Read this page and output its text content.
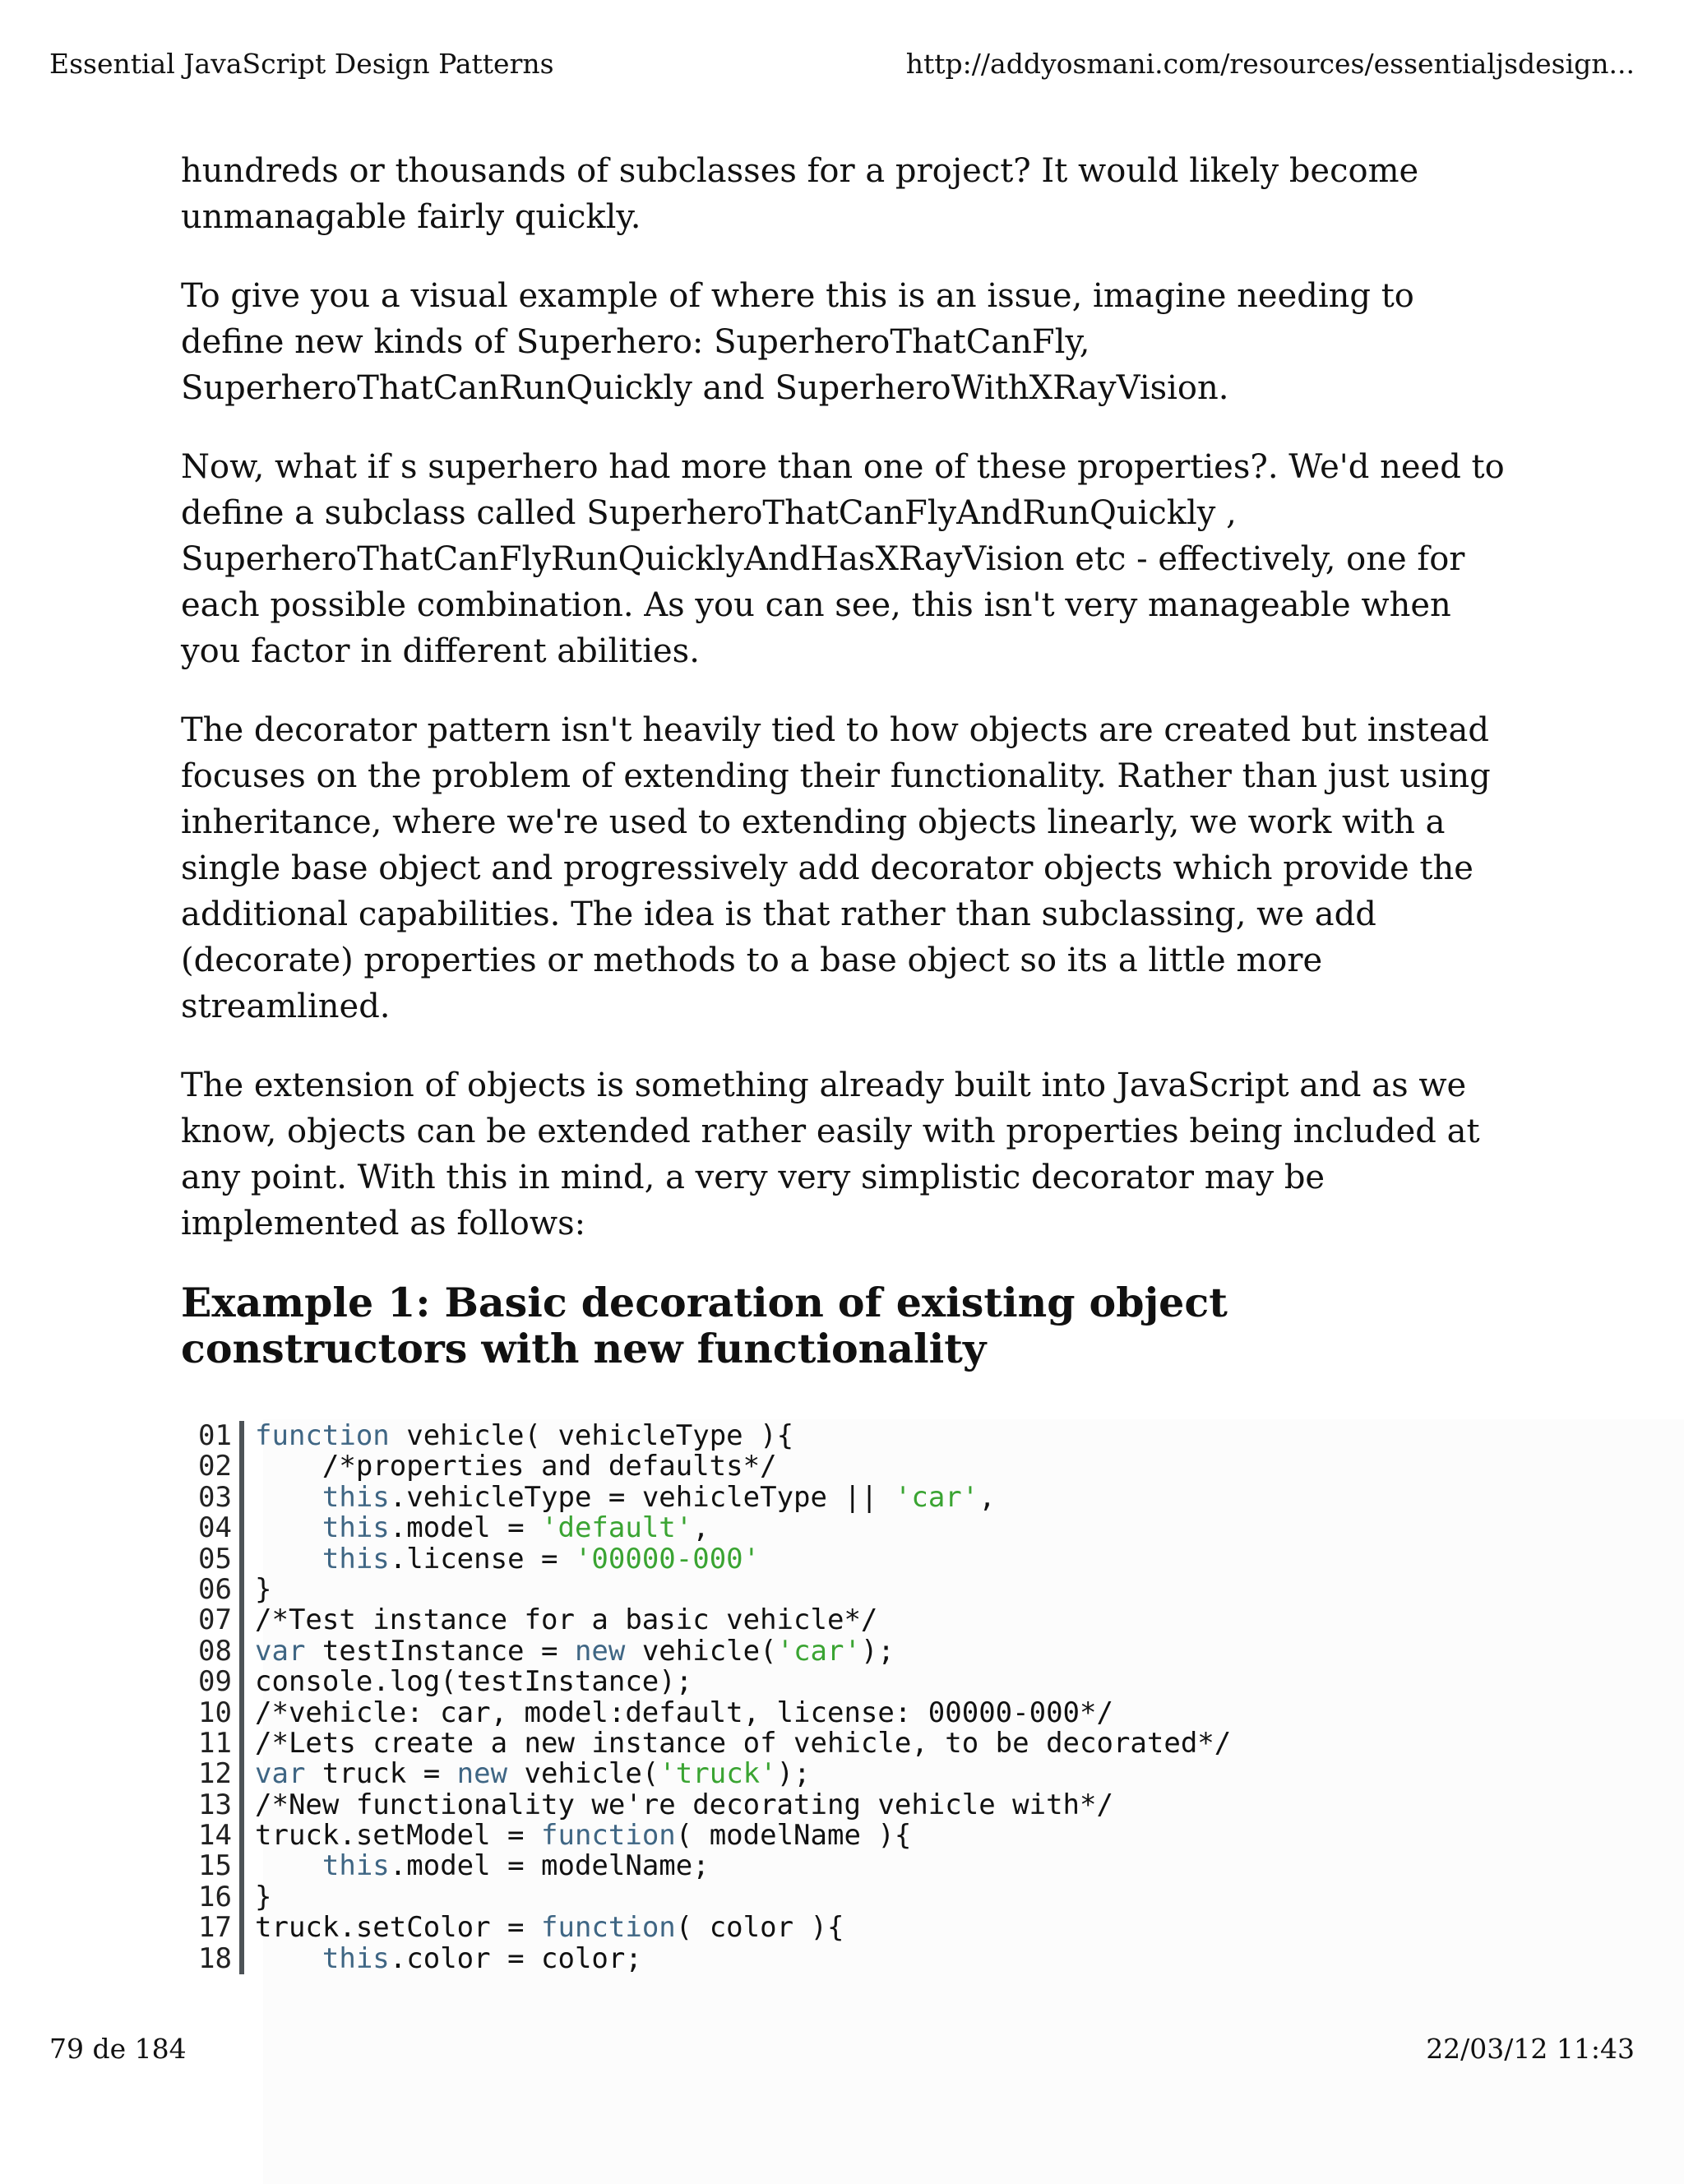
Essential JavaScript Design Patterns	http://addyosmani.com/resources/essentialjsdesign...

hundreds or thousands of subclasses for a project? It would likely become unmanagable fairly quickly.

To give you a visual example of where this is an issue, imagine needing to define new kinds of Superhero: SuperheroThatCanFly, SuperheroThatCanRunQuickly and SuperheroWithXRayVision.

Now, what if s superhero had more than one of these properties?. We'd need to define a subclass called SuperheroThatCanFlyAndRunQuickly , SuperheroThatCanFlyRunQuicklyAndHasXRayVision etc - effectively, one for each possible combination. As you can see, this isn't very manageable when you factor in different abilities.

The decorator pattern isn't heavily tied to how objects are created but instead focuses on the problem of extending their functionality. Rather than just using inheritance, where we're used to extending objects linearly, we work with a single base object and progressively add decorator objects which provide the additional capabilities. The idea is that rather than subclassing, we add (decorate) properties or methods to a base object so its a little more streamlined.

The extension of objects is something already built into JavaScript and as we know, objects can be extended rather easily with properties being included at any point. With this in mind, a very very simplistic decorator may be implemented as follows:

Example 1: Basic decoration of existing object constructors with new functionality
01 function vehicle( vehicleType ){
02 /*properties and defaults*/
03	this.vehicleType = vehicleType || 'car',
04	this.model = 'default',
05	this.license = '00000-000'
06 }
07 /*Test instance for a basic vehicle*/
08 var testInstance = new vehicle('car');
09 console.log(testInstance);
10 /*vehicle: car, model:default, license: 00000-000*/
11 /*Lets create a new instance of vehicle, to be decorated*/
12 var truck = new vehicle('truck');
13 /*New functionality we're decorating vehicle with*/
14 truck.setModel = function( modelName ){
15	this.model = modelName;
16 }
17 truck.setColor = function( color ){
18	this.color = color;
79 de 184	22/03/12 11:43
